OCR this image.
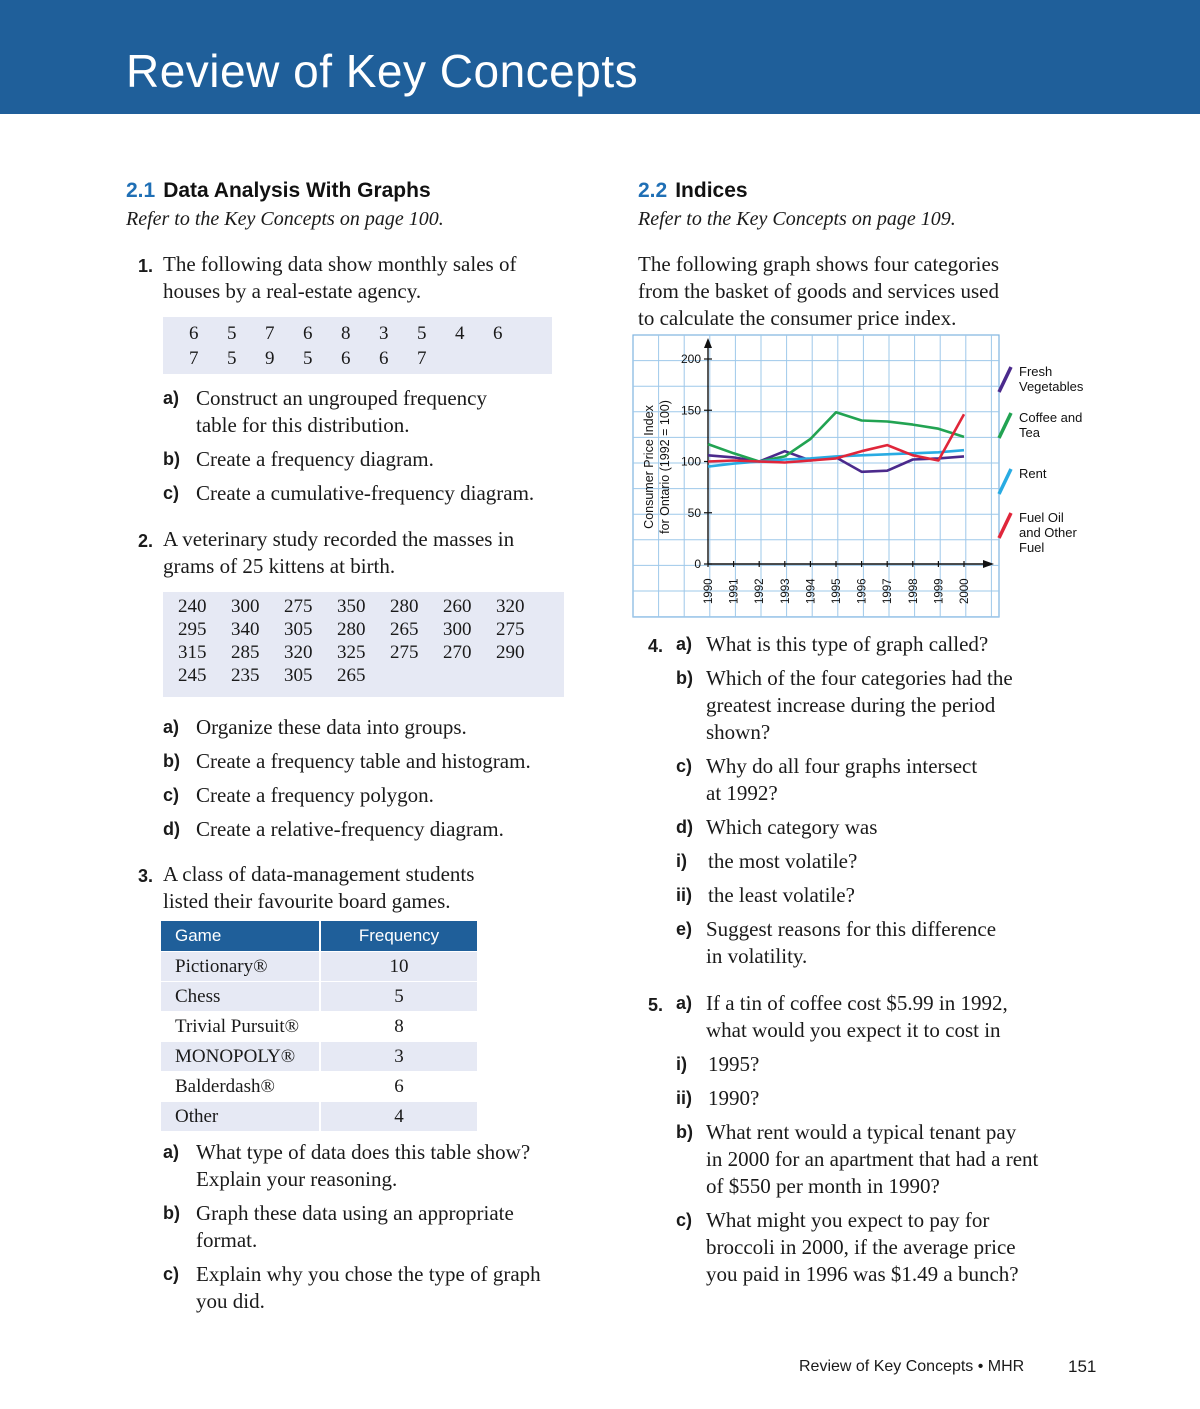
Review of Key Concepts
2.1 Data Analysis With Graphs
Refer to the Key Concepts on page 100.
1. The following data show monthly sales of
houses by a real-estate agency.
6	5	7	6	8	3	5	4	6
7	5	9	5	6	6	7		
a) Construct an ungrouped frequency
table for this distribution.
b) Create a frequency diagram.
c) Create a cumulative-frequency diagram.
2. A veterinary study recorded the masses in
grams of 25 kittens at birth.
240	300	275	350	280	260	320
295	340	305	280	265	300	275
315	285	320	325	275	270	290
245	235	305	265			
a) Organize these data into groups.
b) Create a frequency table and histogram.
c) Create a frequency polygon.
d) Create a relative-frequency diagram.
3. A class of data-management students
listed their favourite board games.
Game	Frequency
Pictionary®	10
Chess	5
Trivial Pursuit®	8
MONOPOLY®	3
Balderdash®	6
Other	4
a) What type of data does this table show?
Explain your reasoning.
b) Graph these data using an appropriate
format.
c) Explain why you chose the type of graph
you did.
2.2 Indices
Refer to the Key Concepts on page 109.
The following graph shows four categories
from the basket of goods and services used
to calculate the consumer price index.
0
50
100
150
200
1990 1991 1992 1993 1994 1995 1996 1997 1998 1999 2000
Consumer Price Index for Ontario (1992 = 100)
Fresh
Vegetables
Coffee and
Tea
Rent
Fuel Oil
and Other
Fuel
4. a) What is this type of graph called?
b) Which of the four categories had the
greatest increase during the period
shown?
c) Why do all four graphs intersect
at 1992?
d) Which category was
i)	the most volatile?
ii) the least volatile?
e) Suggest reasons for this difference
in volatility.
5. a) If a tin of coffee cost $5.99 in 1992,
what would you expect it to cost in
i)	1995?
ii) 1990?
b) What rent would a typical tenant pay
in 2000 for an apartment that had a rent
of $550 per month in 1990?
c) What might you expect to pay for
broccoli in 2000, if the average price
you paid in 1996 was $1.49 a bunch?
Review of Key Concepts • MHR	151
